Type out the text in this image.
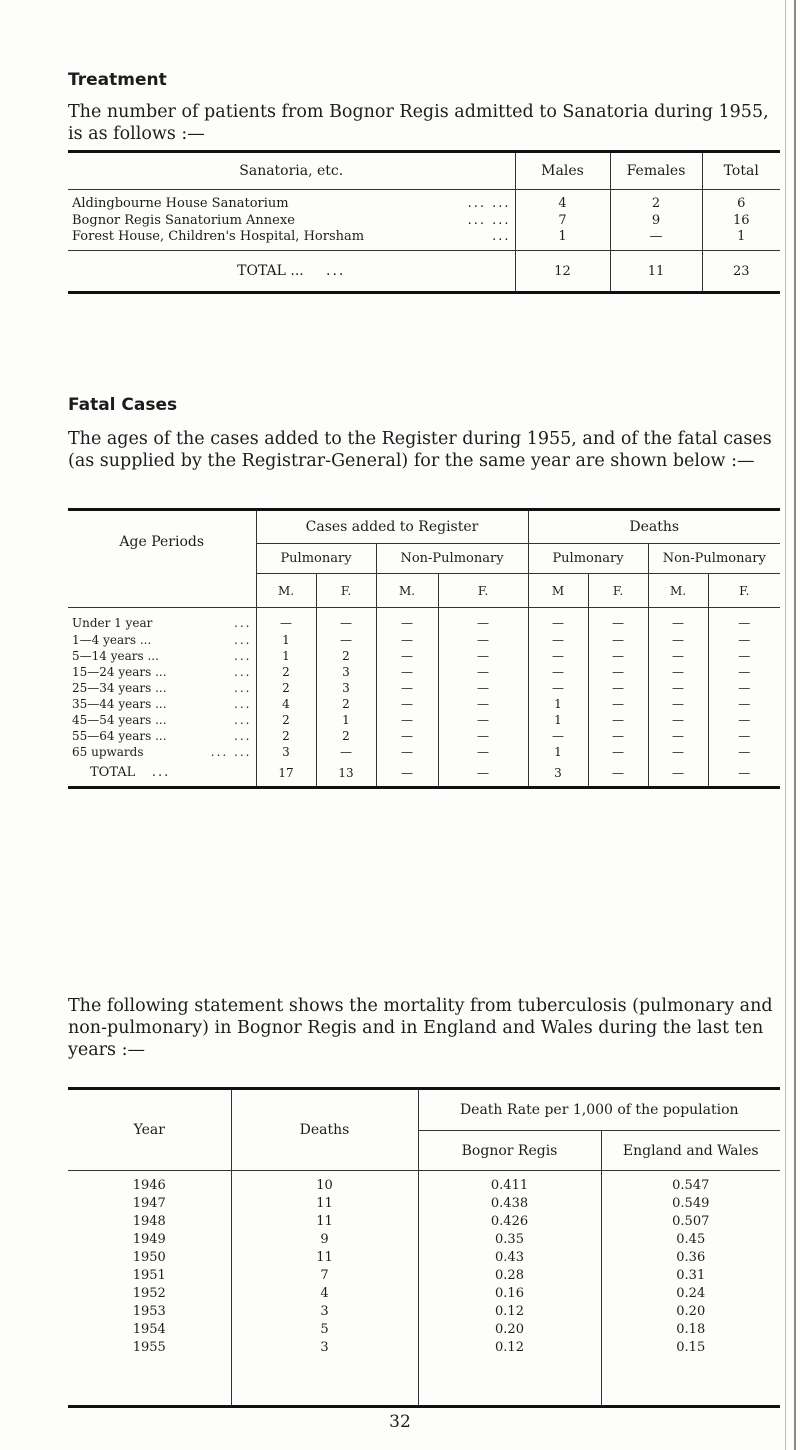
Treatment

The number of patients from Bognor Regis admitted to Sanatoria during 1955, is as follows :—

Sanatoria, etc.	Males	Females	Total
Aldingbourne House Sanatorium ... ...	4	2	6
Bognor Regis Sanatorium Annexe ... ...	7	9	16
Forest House, Children's Hospital, Horsham ...	1	—	1
TOTAL ... ...	12	11	23
Fatal Cases

The ages of the cases added to the Register during 1955, and of the fatal cases (as supplied by the Registrar-General) for the same year are shown below :—

Age Periods	Cases added to Register				Deaths			
	Pulmonary		Non-Pulmonary		Pulmonary		Non-Pulmonary	
	M.	F.	M.	F.	M	F.	M.	F.
Under 1 year ...	—	—	—	—	—	—	—	—
1—4 years ... ...	1	—	—	—	—	—	—	—
5—14 years ... ...	1	2	—	—	—	—	—	—
15—24 years ... ...	2	3	—	—	—	—	—	—
25—34 years ... ...	2	3	—	—	—	—	—	—
35—44 years ... ...	4	2	—	—	1	—	—	—
45—54 years ... ...	2	1	—	—	1	—	—	—
55—64 years ... ...	2	2	—	—	—	—	—	—
65 upwards ... ...	3	—	—	—	1	—	—	—
TOTAL ...	17	13	—	—	3	—	—	—

The following statement shows the mortality from tuberculosis (pulmonary and non-pulmonary) in Bognor Regis and in England and Wales during the last ten years :—

Year	Deaths	Death Rate per 1,000 of the population	
		Bognor Regis	England and Wales
1946	10	0.411	0.547
1947	11	0.438	0.549
1948	11	0.426	0.507
1949	9	0.35	0.45
1950	11	0.43	0.36
1951	7	0.28	0.31
1952	4	0.16	0.24
1953	3	0.12	0.20
1954	5	0.20	0.18
1955	3	0.12	0.15

32
